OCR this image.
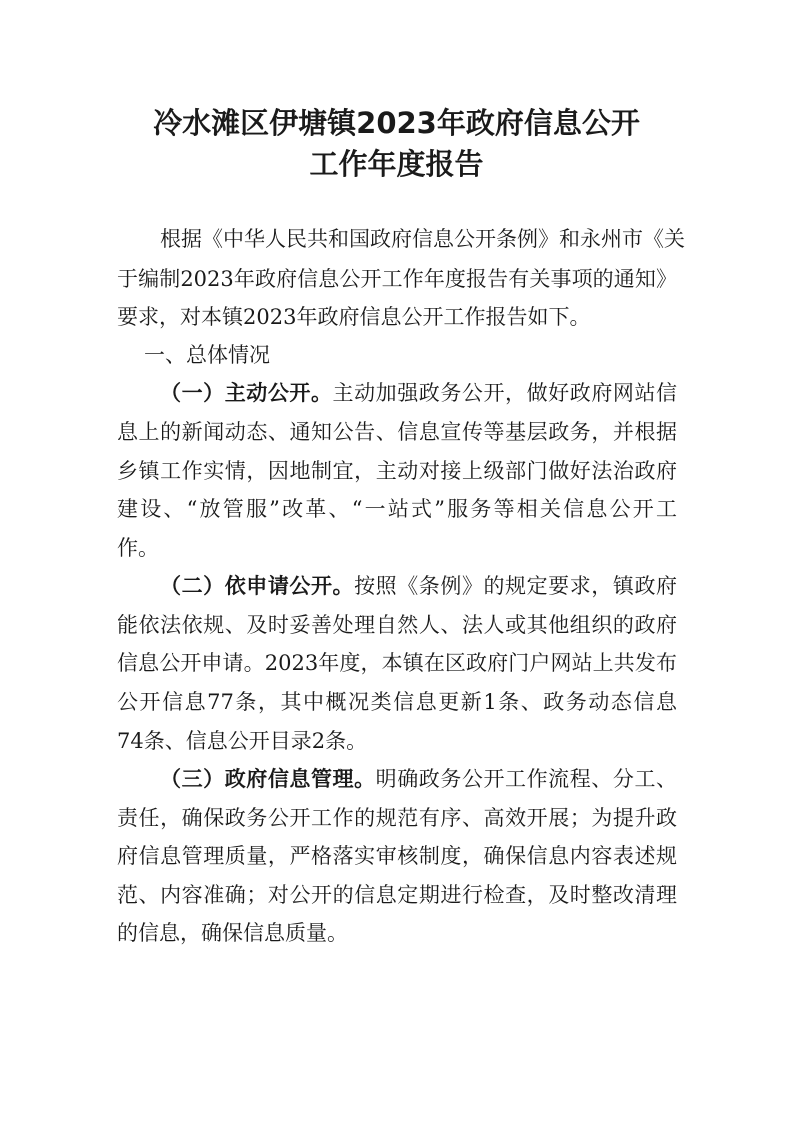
冷水滩区伊塘镇2023年政府信息公开
工作年度报告

根据《中华人民共和国政府信息公开条例》和永州市《关

于编制2023年政府信息公开工作年度报告有关事项的通知》

要求，对本镇2023年政府信息公开工作报告如下。

一、总体情况

（一）主动公开。主动加强政务公开，做好政府网站信

息上的新闻动态、通知公告、信息宣传等基层政务，并根据

乡镇工作实情，因地制宜，主动对接上级部门做好法治政府

建设、“放管服”改革、“一站式”服务等相关信息公开工

作。

（二）依申请公开。按照《条例》的规定要求，镇政府

能依法依规、及时妥善处理自然人、法人或其他组织的政府

信息公开申请。2023年度，本镇在区政府门户网站上共发布

公开信息77条，其中概况类信息更新1条、政务动态信息

74条、信息公开目录2条。

（三）政府信息管理。明确政务公开工作流程、分工、

责任，确保政务公开工作的规范有序、高效开展；为提升政

府信息管理质量，严格落实审核制度，确保信息内容表述规

范、内容准确；对公开的信息定期进行检查，及时整改清理

的信息，确保信息质量。
